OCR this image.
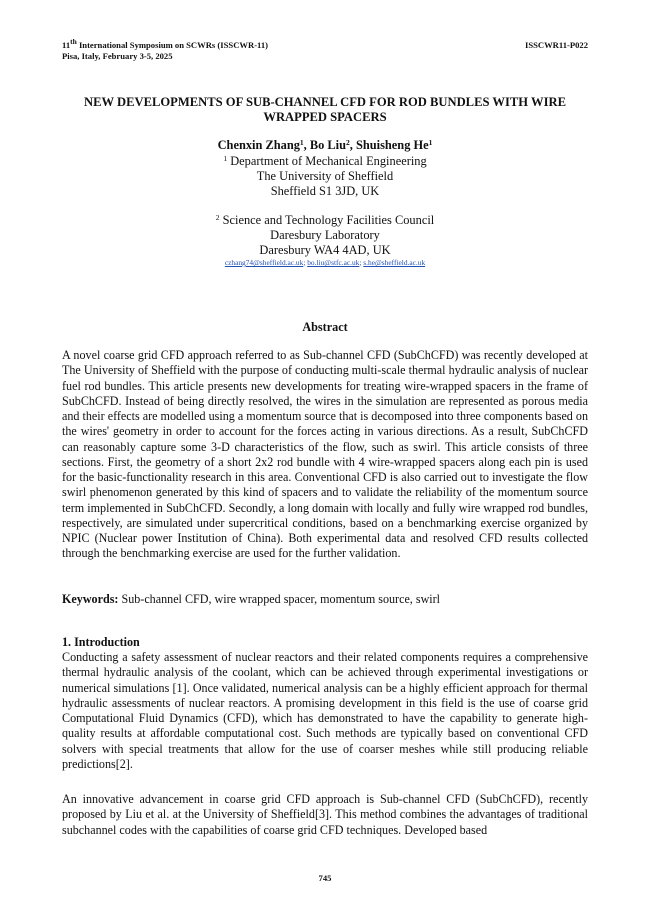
11th International Symposium on SCWRs (ISSCWR-11)
Pisa, Italy, February 3-5, 2025
ISSCWR11-P022
NEW DEVELOPMENTS OF SUB-CHANNEL CFD FOR ROD BUNDLES WITH WIRE WRAPPED SPACERS
Chenxin Zhang$^1$, Bo Liu$^2$, Shuisheng He$^1$
$^1$ Department of Mechanical Engineering
The University of Sheffield
Sheffield S1 3JD, UK
$^2$ Science and Technology Facilities Council
Daresbury Laboratory
Daresbury WA4 4AD, UK
czhang74@sheffield.ac.uk; bo.liu@stfc.ac.uk; s.he@sheffield.ac.uk
Abstract
A novel coarse grid CFD approach referred to as Sub-channel CFD (SubChCFD) was recently developed at The University of Sheffield with the purpose of conducting multi-scale thermal hydraulic analysis of nuclear fuel rod bundles. This article presents new developments for treating wire-wrapped spacers in the frame of SubChCFD. Instead of being directly resolved, the wires in the simulation are represented as porous media and their effects are modelled using a momentum source that is decomposed into three components based on the wires' geometry in order to account for the forces acting in various directions. As a result, SubChCFD can reasonably capture some 3-D characteristics of the flow, such as swirl. This article consists of three sections. First, the geometry of a short 2x2 rod bundle with 4 wire-wrapped spacers along each pin is used for the basic-functionality research in this area. Conventional CFD is also carried out to investigate the flow swirl phenomenon generated by this kind of spacers and to validate the reliability of the momentum source term implemented in SubChCFD. Secondly, a long domain with locally and fully wire wrapped rod bundles, respectively, are simulated under supercritical conditions, based on a benchmarking exercise organized by NPIC (Nuclear power Institution of China). Both experimental data and resolved CFD results collected through the benchmarking exercise are used for the further validation.
Keywords: Sub-channel CFD, wire wrapped spacer, momentum source, swirl
1. Introduction
Conducting a safety assessment of nuclear reactors and their related components requires a comprehensive thermal hydraulic analysis of the coolant, which can be achieved through experimental investigations or numerical simulations [1]. Once validated, numerical analysis can be a highly efficient approach for thermal hydraulic assessments of nuclear reactors. A promising development in this field is the use of coarse grid Computational Fluid Dynamics (CFD), which has demonstrated to have the capability to generate high-quality results at affordable computational cost. Such methods are typically based on conventional CFD solvers with special treatments that allow for the use of coarser meshes while still producing reliable predictions[2].
An innovative advancement in coarse grid CFD approach is Sub-channel CFD (SubChCFD), recently proposed by Liu et al. at the University of Sheffield[3]. This method combines the advantages of traditional subchannel codes with the capabilities of coarse grid CFD techniques. Developed based
745
